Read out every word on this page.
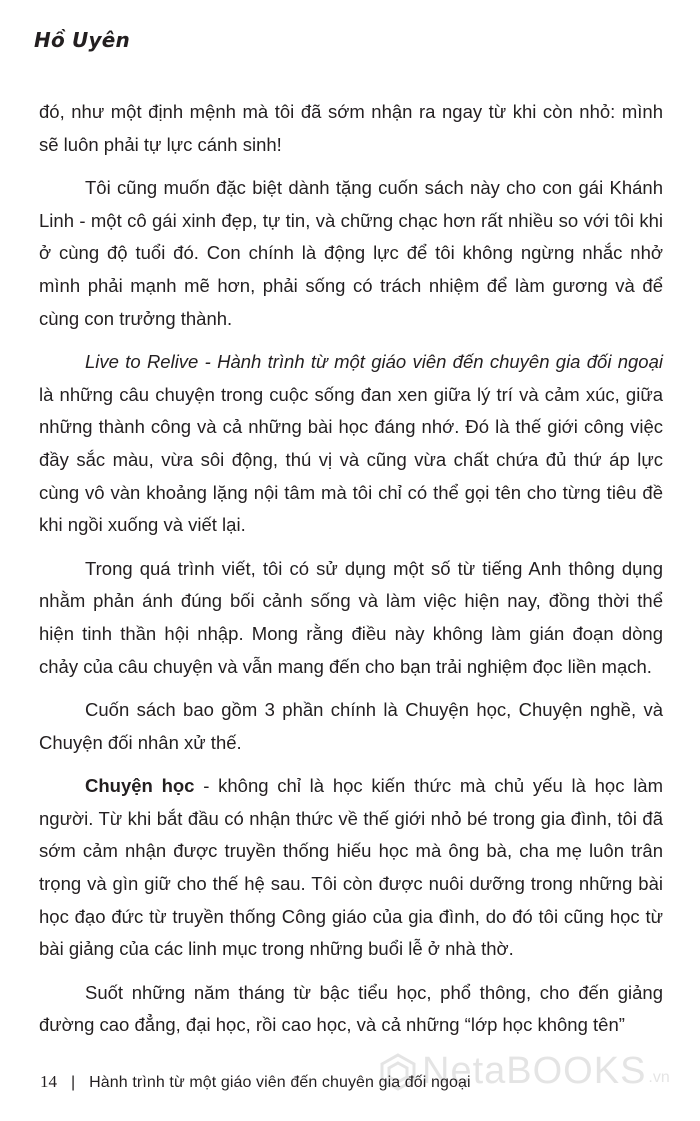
Hồ Uyên

đó, như một định mệnh mà tôi đã sớm nhận ra ngay từ khi còn nhỏ: mình sẽ luôn phải tự lực cánh sinh!

Tôi cũng muốn đặc biệt dành tặng cuốn sách này cho con gái Khánh Linh - một cô gái xinh đẹp, tự tin, và chững chạc hơn rất nhiều so với tôi khi ở cùng độ tuổi đó. Con chính là động lực để tôi không ngừng nhắc nhở mình phải mạnh mẽ hơn, phải sống có trách nhiệm để làm gương và để cùng con trưởng thành.

Live to Relive - Hành trình từ một giáo viên đến chuyên gia đối ngoại là những câu chuyện trong cuộc sống đan xen giữa lý trí và cảm xúc, giữa những thành công và cả những bài học đáng nhớ. Đó là thế giới công việc đầy sắc màu, vừa sôi động, thú vị và cũng vừa chất chứa đủ thứ áp lực cùng vô vàn khoảng lặng nội tâm mà tôi chỉ có thể gọi tên cho từng tiêu đề khi ngồi xuống và viết lại.

Trong quá trình viết, tôi có sử dụng một số từ tiếng Anh thông dụng nhằm phản ánh đúng bối cảnh sống và làm việc hiện nay, đồng thời thể hiện tinh thần hội nhập. Mong rằng điều này không làm gián đoạn dòng chảy của câu chuyện và vẫn mang đến cho bạn trải nghiệm đọc liền mạch.

Cuốn sách bao gồm 3 phần chính là Chuyện học, Chuyện nghề, và Chuyện đối nhân xử thế.

Chuyện học - không chỉ là học kiến thức mà chủ yếu là học làm người. Từ khi bắt đầu có nhận thức về thế giới nhỏ bé trong gia đình, tôi đã sớm cảm nhận được truyền thống hiếu học mà ông bà, cha mẹ luôn trân trọng và gìn giữ cho thế hệ sau. Tôi còn được nuôi dưỡng trong những bài học đạo đức từ truyền thống Công giáo của gia đình, do đó tôi cũng học từ bài giảng của các linh mục trong những buổi lễ ở nhà thờ.

Suốt những năm tháng từ bậc tiểu học, phổ thông, cho đến giảng đường cao đẳng, đại học, rồi cao học, và cả những “lớp học không tên”

NetaBOOKS .vn
14 | Hành trình từ một giáo viên đến chuyên gia đối ngoại
